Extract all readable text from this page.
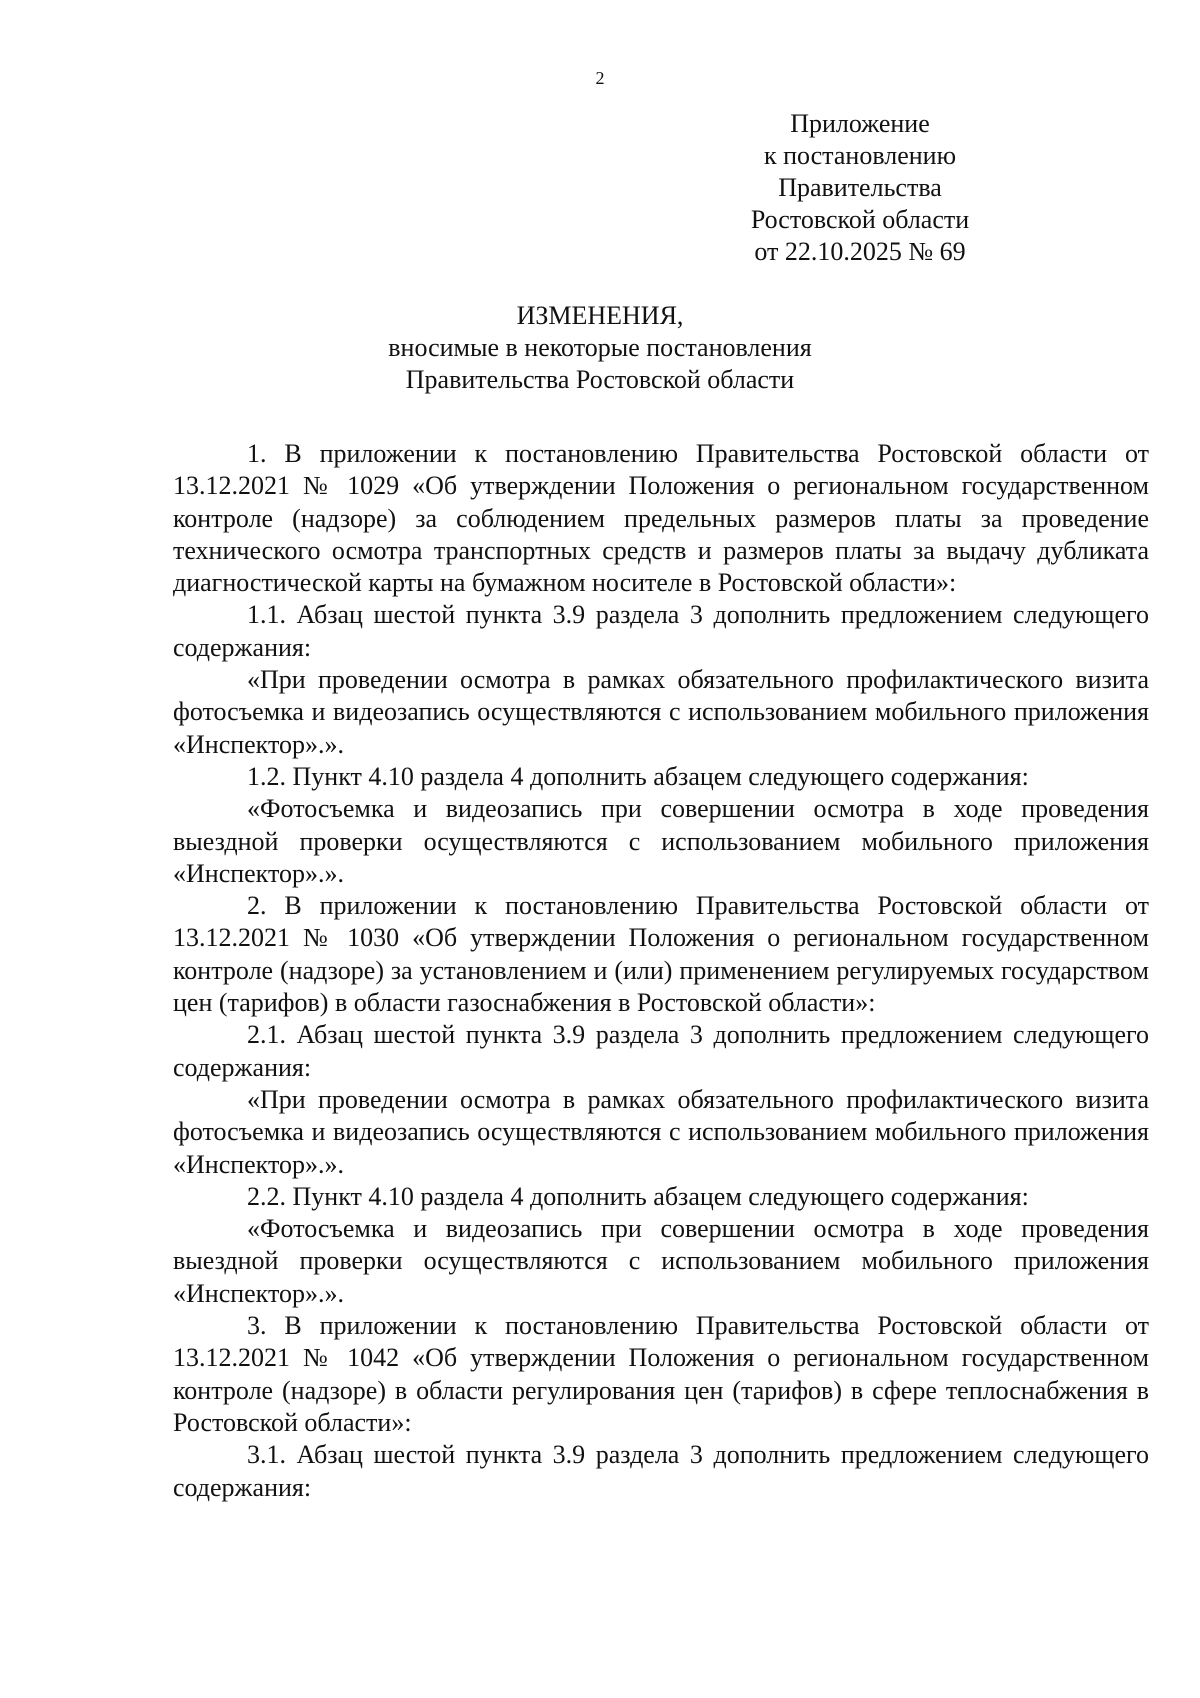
2
Приложение
к постановлению
Правительства
Ростовской области
от 22.10.2025 № 69
ИЗМЕНЕНИЯ,
вносимые в некоторые постановления
Правительства Ростовской области

1. В приложении к постановлению Правительства Ростовской области от 13.12.2021 № 1029 «Об утверждении Положения о региональном государственном контроле (надзоре) за соблюдением предельных размеров платы за проведение технического осмотра транспортных средств и размеров платы за выдачу дубликата диагностической карты на бумажном носителе в Ростовской области»:

1.1. Абзац шестой пункта 3.9 раздела 3 дополнить предложением следующего содержания:

«При проведении осмотра в рамках обязательного профилактического визита фотосъемка и видеозапись осуществляются с использованием мобильного приложения «Инспектор».».

1.2. Пункт 4.10 раздела 4 дополнить абзацем следующего содержания:

«Фотосъемка и видеозапись при совершении осмотра в ходе проведения выездной проверки осуществляются с использованием мобильного приложения «Инспектор».».

2. В приложении к постановлению Правительства Ростовской области от 13.12.2021 № 1030 «Об утверждении Положения о региональном государственном контроле (надзоре) за установлением и (или) применением регулируемых государством цен (тарифов) в области газоснабжения в Ростовской области»:

2.1. Абзац шестой пункта 3.9 раздела 3 дополнить предложением следующего содержания:

«При проведении осмотра в рамках обязательного профилактического визита фотосъемка и видеозапись осуществляются с использованием мобильного приложения «Инспектор».».

2.2. Пункт 4.10 раздела 4 дополнить абзацем следующего содержания:

«Фотосъемка и видеозапись при совершении осмотра в ходе проведения выездной проверки осуществляются с использованием мобильного приложения «Инспектор».».

3. В приложении к постановлению Правительства Ростовской области от 13.12.2021 № 1042 «Об утверждении Положения о региональном государственном контроле (надзоре) в области регулирования цен (тарифов) в сфере теплоснабжения в Ростовской области»:

3.1. Абзац шестой пункта 3.9 раздела 3 дополнить предложением следующего содержания:
